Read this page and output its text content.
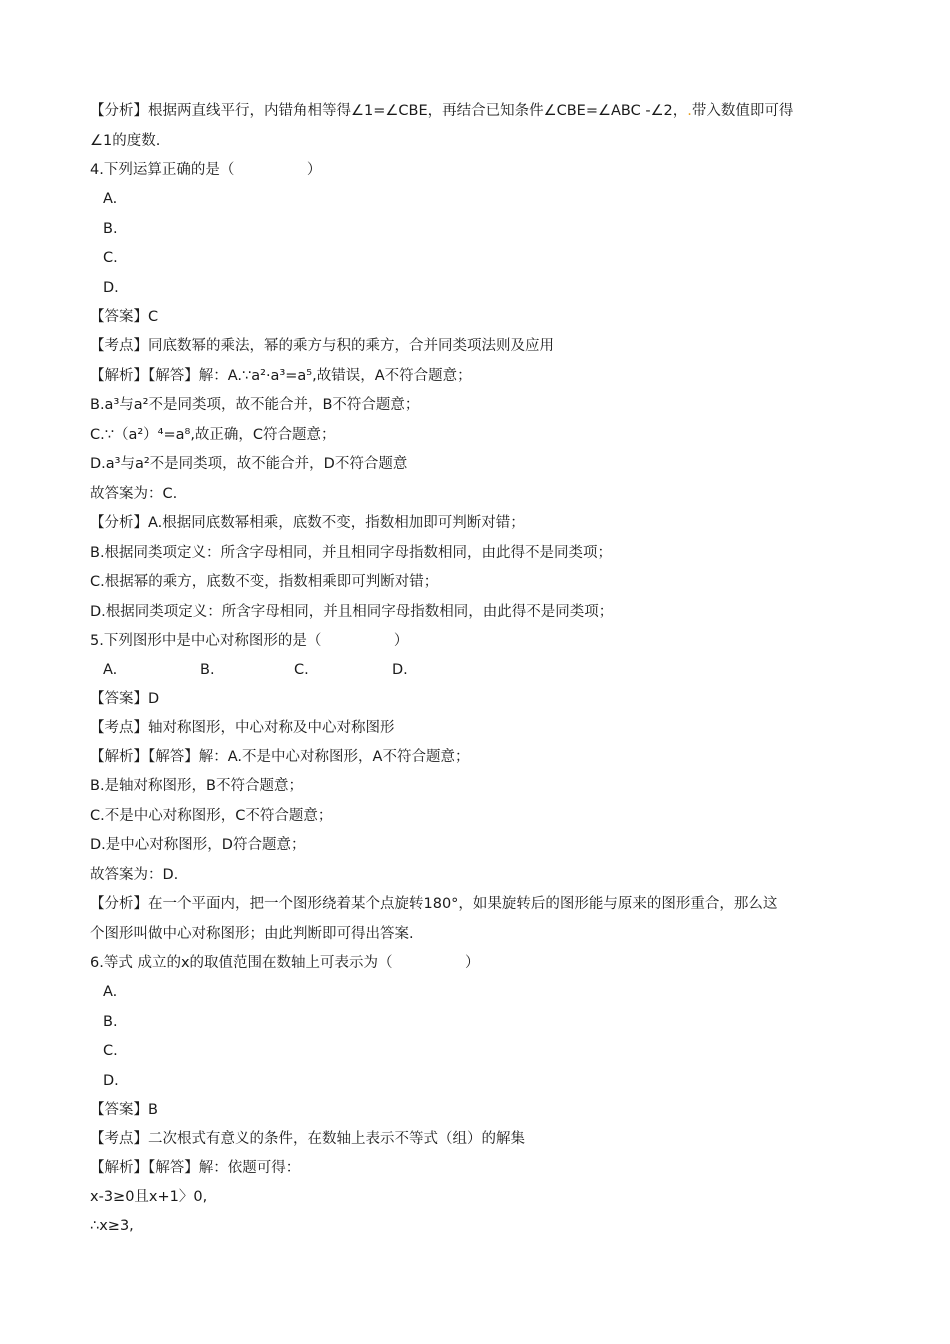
【分析】根据两直线平行，内错角相等得∠1=∠CBE，再结合已知条件∠CBE=∠ABC -∠2，.带入数值即可得
∠1的度数.
4.下列运算正确的是（　　　　　）
A.
B.
C.
D.
【答案】C
【考点】同底数幂的乘法，幂的乘方与积的乘方，合并同类项法则及应用
【解析】【解答】解：A.∵a²·a³=a⁵,故错误，A不符合题意；
B.a³与a²不是同类项，故不能合并，B不符合题意；
C.∵（a²）⁴=a⁸,故正确，C符合题意；
D.a³与a²不是同类项，故不能合并，D不符合题意
故答案为：C.
【分析】A.根据同底数幂相乘，底数不变，指数相加即可判断对错；
B.根据同类项定义：所含字母相同，并且相同字母指数相同，由此得不是同类项；
C.根据幂的乘方，底数不变，指数相乘即可判断对错；
D.根据同类项定义：所含字母相同，并且相同字母指数相同，由此得不是同类项；
5.下列图形中是中心对称图形的是（　　　　　）
A.	B.	C.	D.
【答案】D
【考点】轴对称图形，中心对称及中心对称图形
【解析】【解答】解：A.不是中心对称图形，A不符合题意；
B.是轴对称图形，B不符合题意；
C.不是中心对称图形，C不符合题意；
D.是中心对称图形，D符合题意；
故答案为：D.
【分析】在一个平面内，把一个图形绕着某个点旋转180°，如果旋转后的图形能与原来的图形重合，那么这
个图形叫做中心对称图形；由此判断即可得出答案.
6.等式 成立的x的取值范围在数轴上可表示为（　　　　　）
A.
B.
C.
D.
【答案】B
【考点】二次根式有意义的条件，在数轴上表示不等式（组）的解集
【解析】【解答】解：依题可得：
x-3≥0且x+1〉0,
∴x≥3,
